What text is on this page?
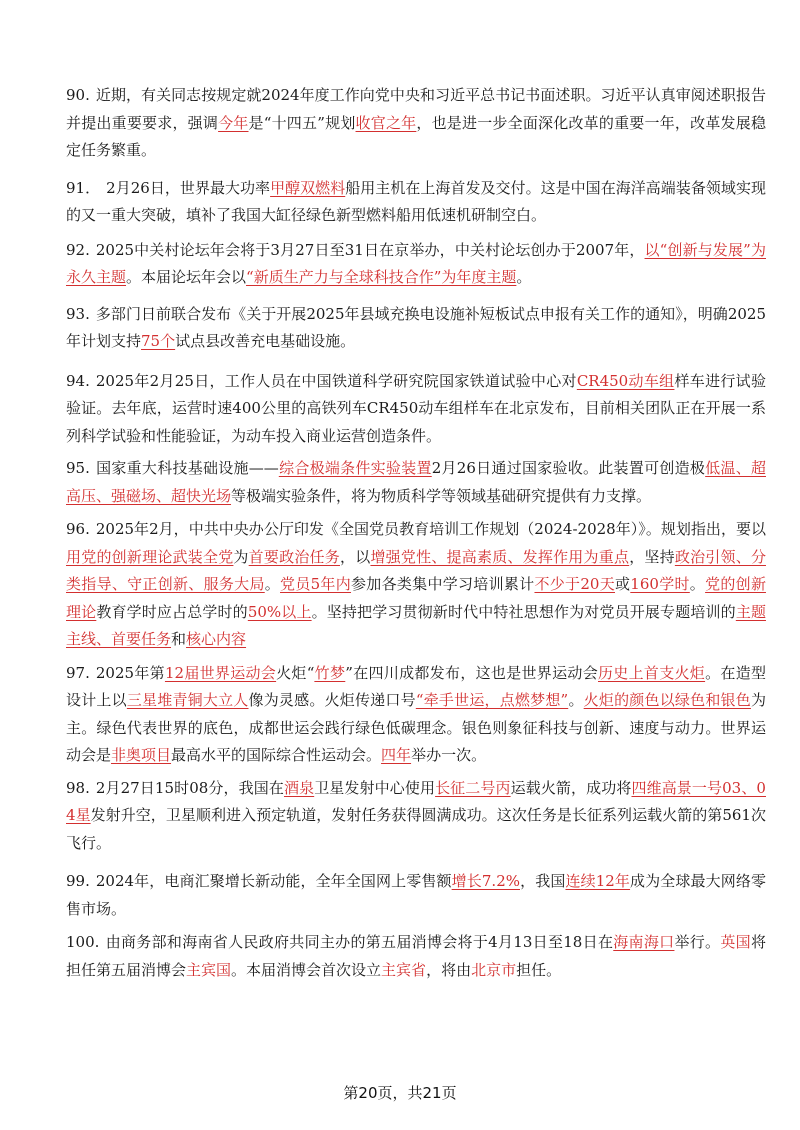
90. 近期，有关同志按规定就2024年度工作向党中央和习近平总书记书面述职。习近平认真审阅述职报告并提出重要要求，强调今年是“十四五”规划收官之年，也是进一步全面深化改革的重要一年，改革发展稳定任务繁重。

91． 2月26日，世界最大功率甲醇双燃料船用主机在上海首发及交付。这是中国在海洋高端装备领域实现的又一重大突破，填补了我国大缸径绿色新型燃料船用低速机研制空白。

92. 2025中关村论坛年会将于3月27日至31日在京举办，中关村论坛创办于2007年，以“创新与发展”为永久主题。本届论坛年会以“新质生产力与全球科技合作”为年度主题。

93. 多部门日前联合发布《关于开展2025年县域充换电设施补短板试点申报有关工作的通知》，明确2025年计划支持75个试点县改善充电基础设施。

94. 2025年2月25日，工作人员在中国铁道科学研究院国家铁道试验中心对CR450动车组样车进行试验验证。去年底，运营时速400公里的高铁列车CR450动车组样车在北京发布，目前相关团队正在开展一系列科学试验和性能验证，为动车投入商业运营创造条件。

95. 国家重大科技基础设施——综合极端条件实验装置2月26日通过国家验收。此装置可创造极低温、超高压、强磁场、超快光场等极端实验条件，将为物质科学等领域基础研究提供有力支撑。

96. 2025年2月，中共中央办公厅印发《全国党员教育培训工作规划（2024-2028年）》。规划指出，要以用党的创新理论武装全党为首要政治任务，以增强党性、提高素质、发挥作用为重点，坚持政治引领、分类指导、守正创新、服务大局。党员5年内参加各类集中学习培训累计不少于20天或160学时。党的创新理论教育学时应占总学时的50%以上。坚持把学习贯彻新时代中特社思想作为对党员开展专题培训的主题主线、首要任务和核心内容

97. 2025年第12届世界运动会火炬“竹梦”在四川成都发布，这也是世界运动会历史上首支火炬。在造型设计上以三星堆青铜大立人像为灵感。火炬传递口号“牵手世运，点燃梦想”。火炬的颜色以绿色和银色为主。绿色代表世界的底色，成都世运会践行绿色低碳理念。银色则象征科技与创新、速度与动力。世界运动会是非奥项目最高水平的国际综合性运动会。四年举办一次。

98. 2月27日15时08分，我国在酒泉卫星发射中心使用长征二号丙运载火箭，成功将四维高景一号03、04星发射升空，卫星顺利进入预定轨道，发射任务获得圆满成功。这次任务是长征系列运载火箭的第561次飞行。

99. 2024年，电商汇聚增长新动能，全年全国网上零售额增长7.2%，我国连续12年成为全球最大网络零售市场。

100. 由商务部和海南省人民政府共同主办的第五届消博会将于4月13日至18日在海南海口举行。英国将担任第五届消博会主宾国。本届消博会首次设立主宾省，将由北京市担任。

第20页，共21页
